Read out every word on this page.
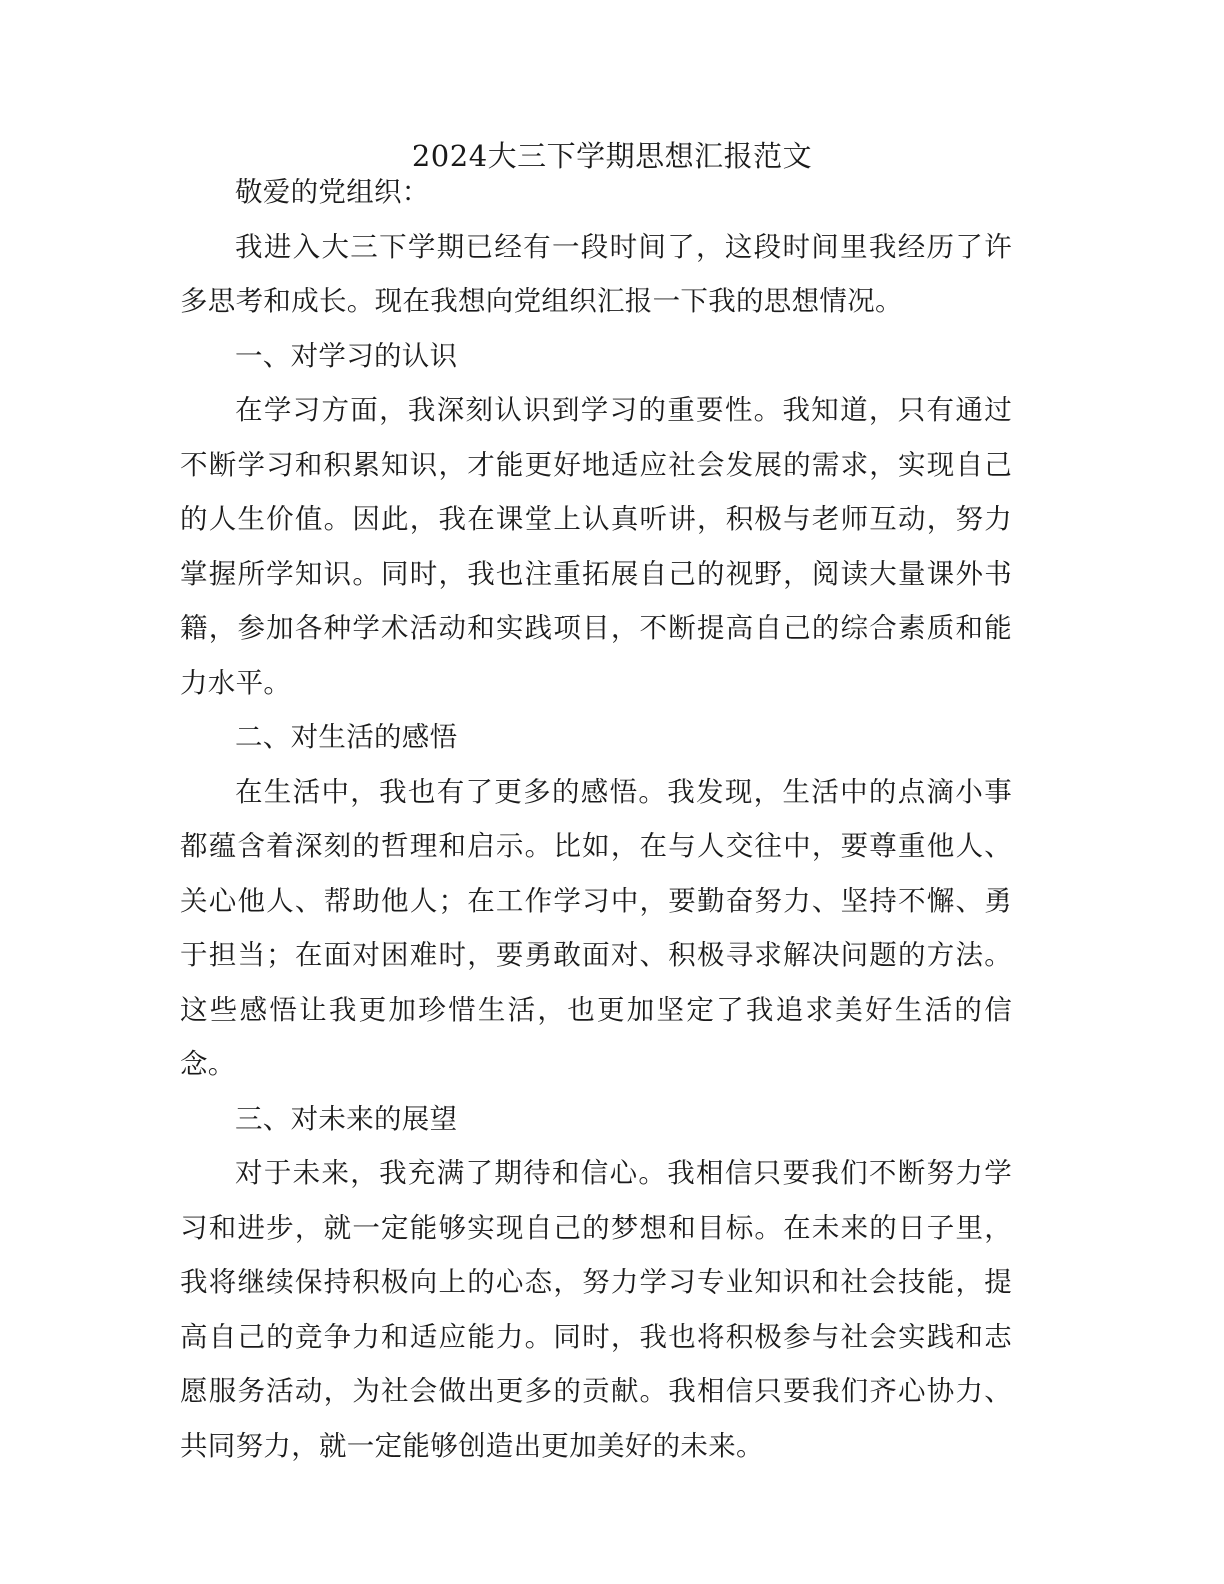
2024大三下学期思想汇报范文

敬爱的党组织：

我进入大三下学期已经有一段时间了，这段时间里我经历了许多思考和成长。现在我想向党组织汇报一下我的思想情况。

一、对学习的认识

在学习方面，我深刻认识到学习的重要性。我知道，只有通过不断学习和积累知识，才能更好地适应社会发展的需求，实现自己的人生价值。因此，我在课堂上认真听讲，积极与老师互动，努力掌握所学知识。同时，我也注重拓展自己的视野，阅读大量课外书籍，参加各种学术活动和实践项目，不断提高自己的综合素质和能力水平。

二、对生活的感悟

在生活中，我也有了更多的感悟。我发现，生活中的点滴小事都蕴含着深刻的哲理和启示。比如，在与人交往中，要尊重他人、关心他人、帮助他人；在工作学习中，要勤奋努力、坚持不懈、勇于担当；在面对困难时，要勇敢面对、积极寻求解决问题的方法。这些感悟让我更加珍惜生活，也更加坚定了我追求美好生活的信念。

三、对未来的展望

对于未来，我充满了期待和信心。我相信只要我们不断努力学习和进步，就一定能够实现自己的梦想和目标。在未来的日子里，我将继续保持积极向上的心态，努力学习专业知识和社会技能，提高自己的竞争力和适应能力。同时，我也将积极参与社会实践和志愿服务活动，为社会做出更多的贡献。我相信只要我们齐心协力、共同努力，就一定能够创造出更加美好的未来。
